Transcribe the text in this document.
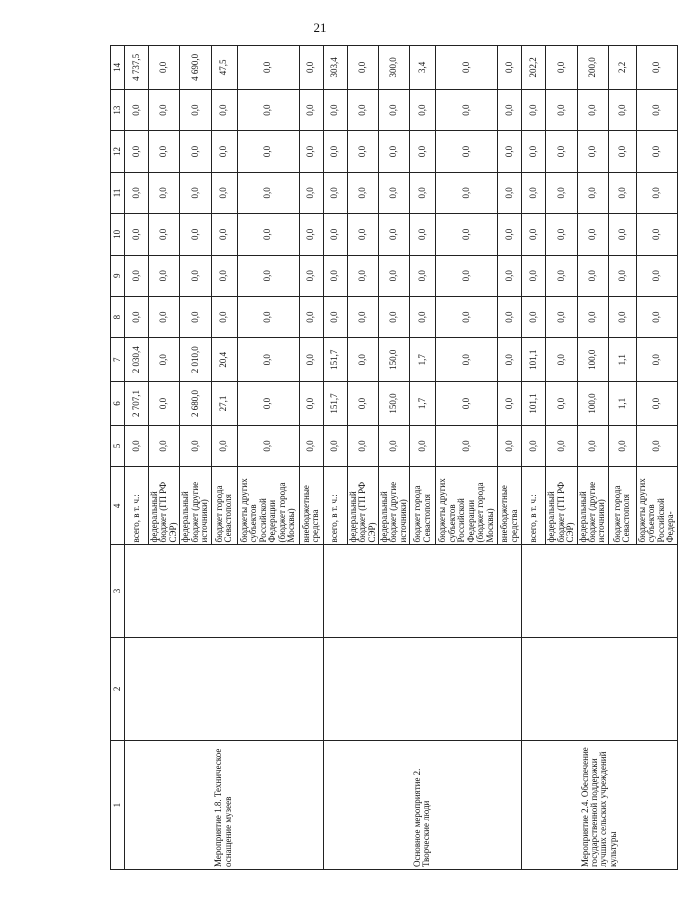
21
1	2	3	4	5	6	7	8	9	10	11	12	13	14
Мероприятие 1.8. Техническое оснащение музеев			всего, в т. ч.:	0,0	2 707,1	2 030,4	0,0	0,0	0,0	0,0	0,0	0,0	4 737,5
			федеральный бюджет (ГП РФ СЭР)	0,0	0,0	0,0	0,0	0,0	0,0	0,0	0,0	0,0	0,0
			федеральный бюджет (другие источники)	0,0	2 680,0	2 010,0	0,0	0,0	0,0	0,0	0,0	0,0	4 690,0
			бюджет города Севастополя	0,0	27,1	20,4	0,0	0,0	0,0	0,0	0,0	0,0	47,5
			бюджеты других субъектов Российской Федерации (бюджет города Москвы)	0,0	0,0	0,0	0,0	0,0	0,0	0,0	0,0	0,0	0,0
			внебюджетные средства	0,0	0,0	0,0	0,0	0,0	0,0	0,0	0,0	0,0	0,0
Основное мероприятие 2. Творческие люди			всего, в т. ч.:	0,0	151,7	151,7	0,0	0,0	0,0	0,0	0,0	0,0	303,4
			федеральный бюджет (ГП РФ СЭР)	0,0	0,0	0,0	0,0	0,0	0,0	0,0	0,0	0,0	0,0
			федеральный бюджет (другие источники)	0,0	150,0	150,0	0,0	0,0	0,0	0,0	0,0	0,0	300,0
			бюджет города Севастополя	0,0	1,7	1,7	0,0	0,0	0,0	0,0	0,0	0,0	3,4
			бюджеты других субъектов Российской Федерации (бюджет города Москвы)	0,0	0,0	0,0	0,0	0,0	0,0	0,0	0,0	0,0	0,0
			внебюджетные средства	0,0	0,0	0,0	0,0	0,0	0,0	0,0	0,0	0,0	0,0
Мероприятие 2.4. Обеспечение государственной поддержки лучших сельских учреждений культуры			всего, в т. ч.:	0,0	101,1	101,1	0,0	0,0	0,0	0,0	0,0	0,0	202,2
			федеральный бюджет (ГП РФ СЭР)	0,0	0,0	0,0	0,0	0,0	0,0	0,0	0,0	0,0	0,0
			федеральный бюджет (другие источники)	0,0	100,0	100,0	0,0	0,0	0,0	0,0	0,0	0,0	200,0
			бюджет города Севастополя	0,0	1,1	1,1	0,0	0,0	0,0	0,0	0,0	0,0	2,2
			бюджеты других субъектов Российской Федера-	0,0	0,0	0,0	0,0	0,0	0,0	0,0	0,0	0,0	0,0
